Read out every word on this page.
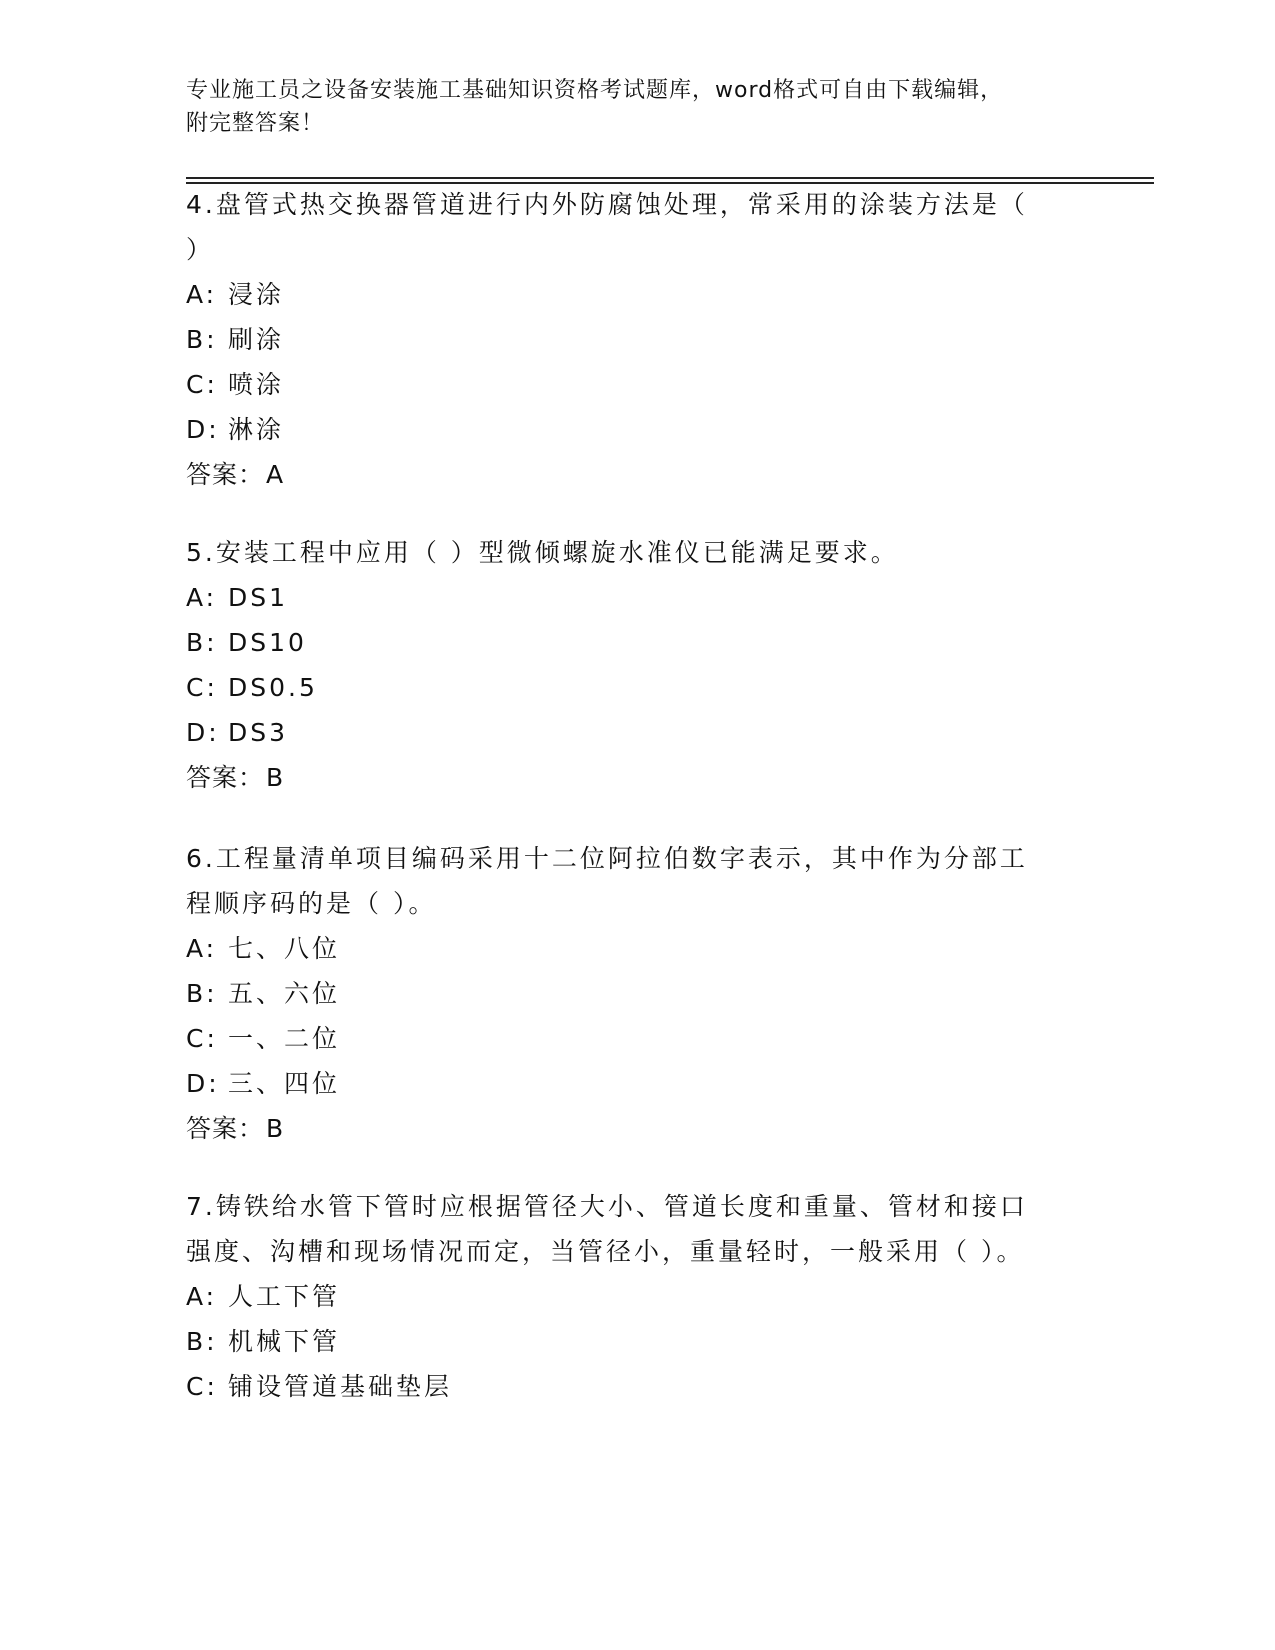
专业施工员之设备安装施工基础知识资格考试题库，word格式可自由下载编辑，
附完整答案！
4.盘管式热交换器管道进行内外防腐蚀处理，常采用的涂装方法是（
）
A: 浸涂
B: 刷涂
C: 喷涂
D: 淋涂
答案：A
5.安装工程中应用（ ）型微倾螺旋水准仪已能满足要求。
A: DS1
B: DS10
C: DS0.5
D: DS3
答案：B
6.工程量清单项目编码采用十二位阿拉伯数字表示，其中作为分部工
程顺序码的是（ ）。
A: 七、八位
B: 五、六位
C: 一、二位
D: 三、四位
答案：B
7.铸铁给水管下管时应根据管径大小、管道长度和重量、管材和接口
强度、沟槽和现场情况而定，当管径小，重量轻时，一般采用（ ）。
A: 人工下管
B: 机械下管
C: 铺设管道基础垫层
